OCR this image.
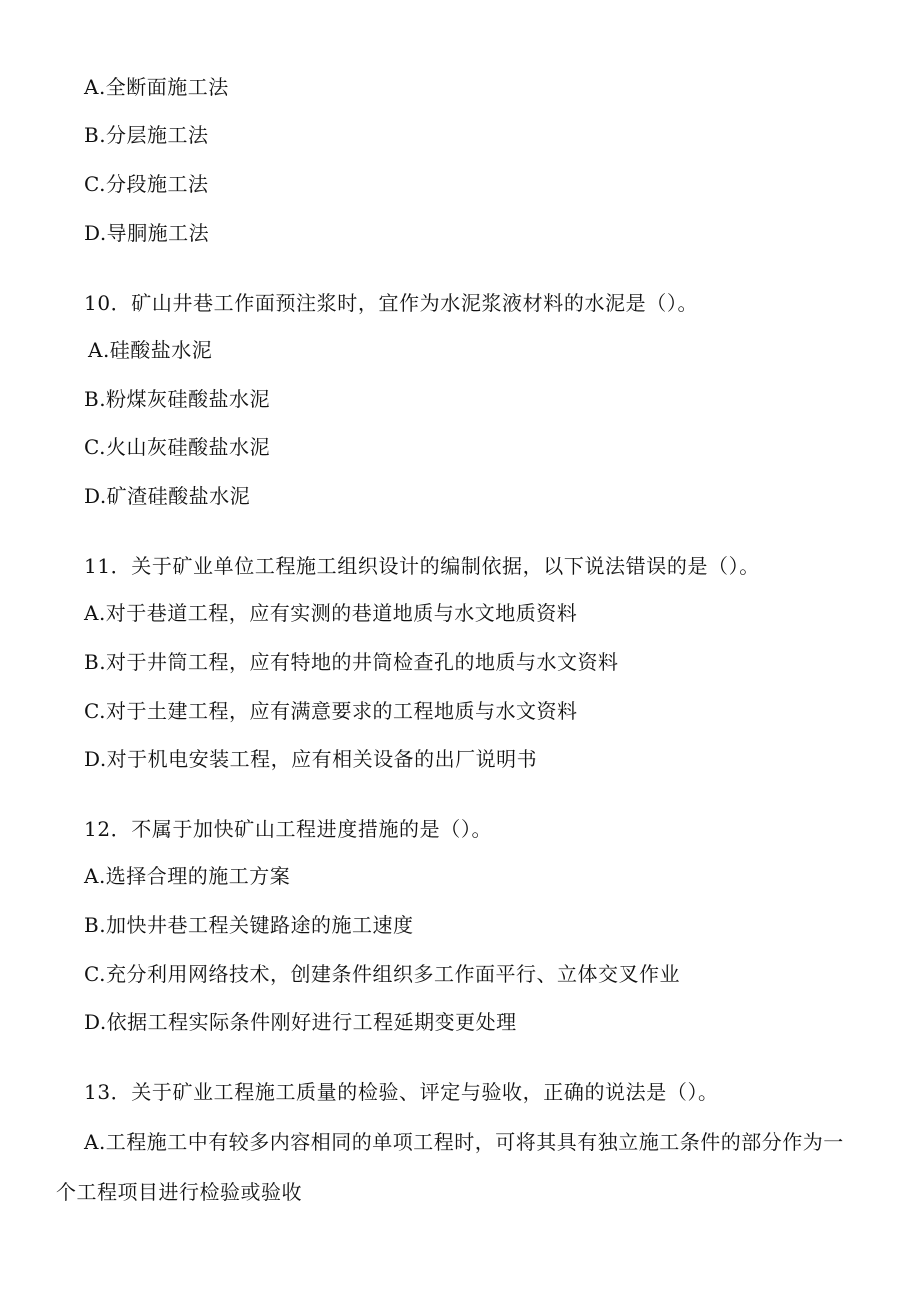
A.全断面施工法
B.分层施工法
C.分段施工法
D.导胴施工法
10．矿山井巷工作面预注浆时，宜作为水泥浆液材料的水泥是（）。
A.硅酸盐水泥
B.粉煤灰硅酸盐水泥
C.火山灰硅酸盐水泥
D.矿渣硅酸盐水泥
11．关于矿业单位工程施工组织设计的编制依据，以下说法错误的是（）。
A.对于巷道工程，应有实测的巷道地质与水文地质资料
B.对于井筒工程，应有特地的井筒检查孔的地质与水文资料
C.对于土建工程，应有满意要求的工程地质与水文资料
D.对于机电安装工程，应有相关设备的出厂说明书
12．不属于加快矿山工程进度措施的是（）。
A.选择合理的施工方案
B.加快井巷工程关键路途的施工速度
C.充分利用网络技术，创建条件组织多工作面平行、立体交叉作业
D.依据工程实际条件刚好进行工程延期变更处理
13．关于矿业工程施工质量的检验、评定与验收，正确的说法是（）。
A.工程施工中有较多内容相同的单项工程时，可将其具有独立施工条件的部分作为一
个工程项目进行检验或验收
